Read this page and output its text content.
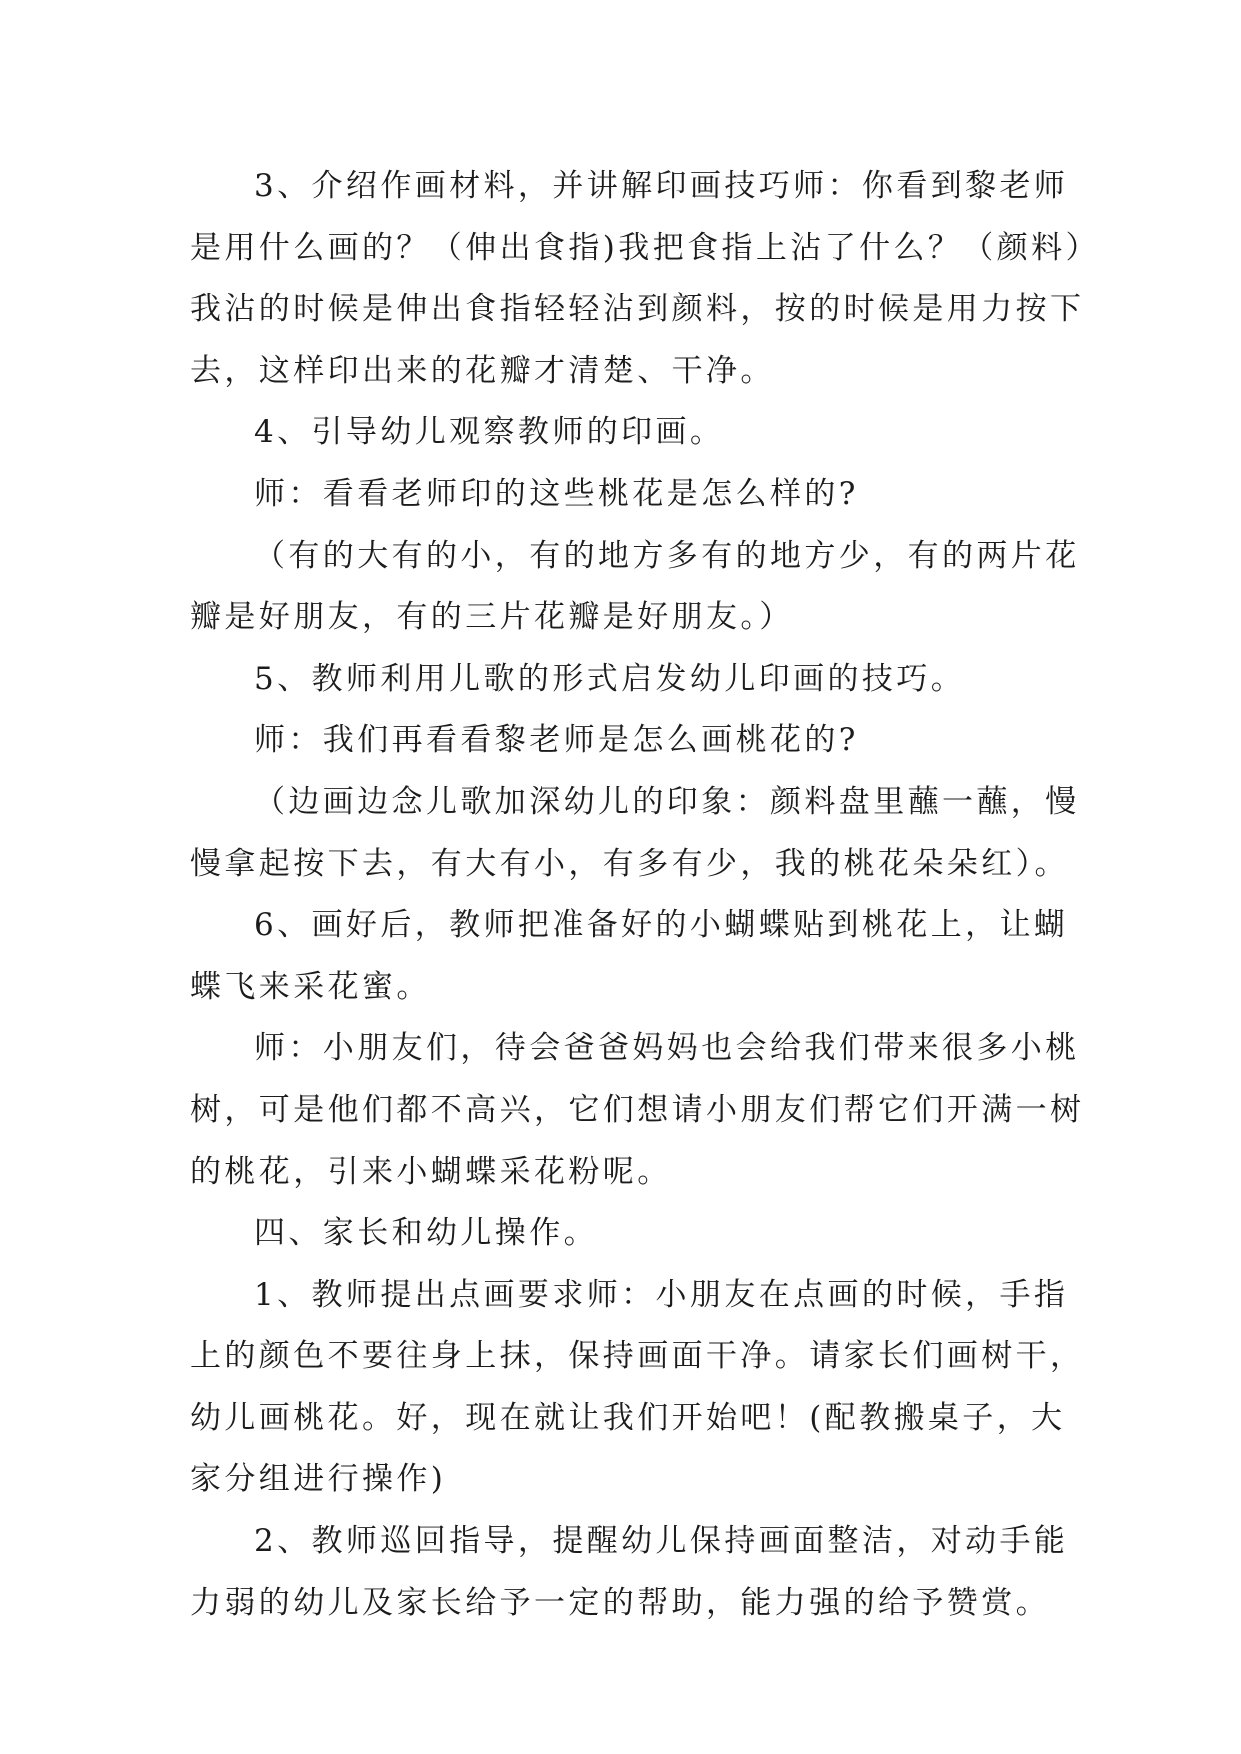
3、介绍作画材料，并讲解印画技巧师：你看到黎老师
是用什么画的？（伸出食指)我把食指上沾了什么？（颜料）
我沾的时候是伸出食指轻轻沾到颜料，按的时候是用力按下
去，这样印出来的花瓣才清楚、干净。
4、引导幼儿观察教师的印画。
师：看看老师印的这些桃花是怎么样的?
（有的大有的小，有的地方多有的地方少，有的两片花
瓣是好朋友，有的三片花瓣是好朋友。）
5、教师利用儿歌的形式启发幼儿印画的技巧。
师：我们再看看黎老师是怎么画桃花的?
（边画边念儿歌加深幼儿的印象：颜料盘里蘸一蘸，慢
慢拿起按下去，有大有小，有多有少，我的桃花朵朵红）。
6、画好后，教师把准备好的小蝴蝶贴到桃花上，让蝴
蝶飞来采花蜜。
师：小朋友们，待会爸爸妈妈也会给我们带来很多小桃
树，可是他们都不高兴，它们想请小朋友们帮它们开满一树
的桃花，引来小蝴蝶采花粉呢。
四、家长和幼儿操作。
1、教师提出点画要求师：小朋友在点画的时候，手指
上的颜色不要往身上抹，保持画面干净。请家长们画树干，
幼儿画桃花。好，现在就让我们开始吧！(配教搬桌子，大
家分组进行操作)
2、教师巡回指导，提醒幼儿保持画面整洁，对动手能
力弱的幼儿及家长给予一定的帮助，能力强的给予赞赏。
